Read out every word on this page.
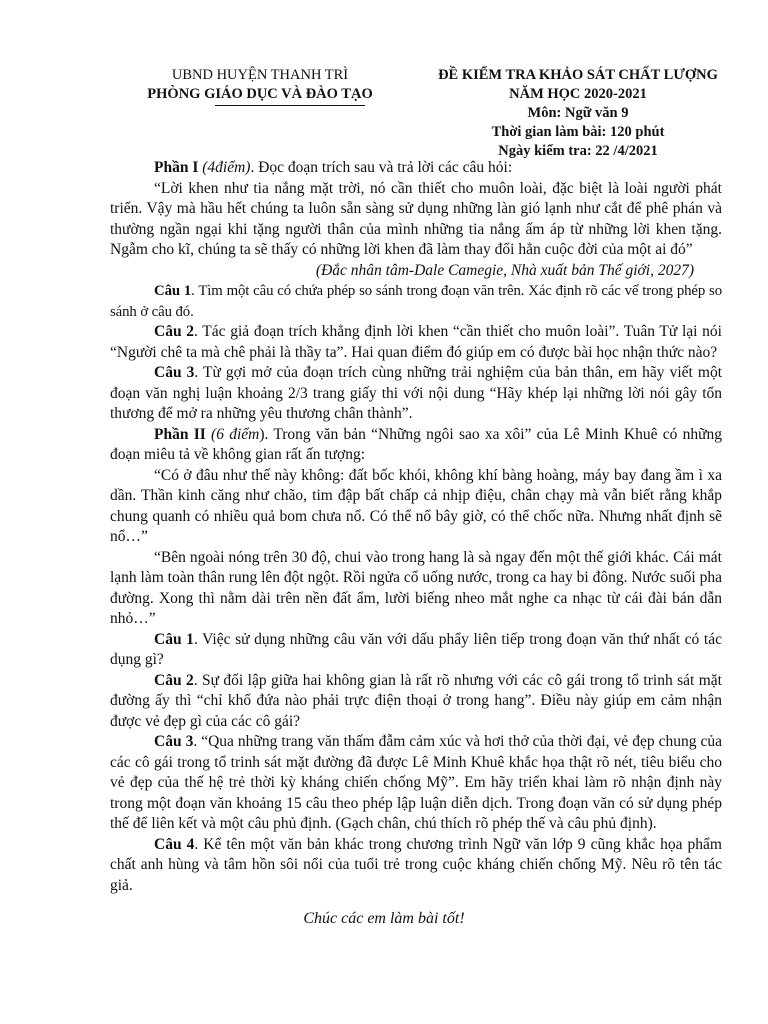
UBND HUYỆN THANH TRÌ
PHÒNG GIÁO DỤC VÀ ĐÀO TẠO
ĐỀ KIỂM TRA KHẢO SÁT CHẤT LƯỢNG
NĂM HỌC 2020-2021
Môn: Ngữ văn 9
Thời gian làm bài: 120 phút
Ngày kiểm tra: 22 /4/2021

Phần I (4điểm). Đọc đoạn trích sau và trả lời các câu hỏi:

“Lời khen như tia nắng mặt trời, nó cần thiết cho muôn loài, đặc biệt là loài người phát triển. Vậy mà hầu hết chúng ta luôn sẵn sàng sử dụng những làn gió lạnh như cắt để phê phán và thường ngần ngại khi tặng người thân của mình những tia nắng ấm áp từ những lời khen tặng. Ngẫm cho kĩ, chúng ta sẽ thấy có những lời khen đã làm thay đổi hẳn cuộc đời của một ai đó”

(Đắc nhân tâm-Dale Camegie, Nhà xuất bản Thế giới, 2027)

Câu 1. Tìm một câu có chứa phép so sánh trong đoạn văn trên. Xác định rõ các vế trong phép so sánh ở câu đó.

Câu 2. Tác giả đoạn trích khẳng định lời khen “cần thiết cho muôn loài”. Tuân Tử lại nói “Người chê ta mà chê phải là thầy ta”. Hai quan điểm đó giúp em có được bài học nhận thức nào?

Câu 3. Từ gợi mở của đoạn trích cùng những trải nghiệm của bản thân, em hãy viết một đoạn văn nghị luận khoảng 2/3 trang giấy thi với nội dung “Hãy khép lại những lời nói gây tổn thương để mở ra những yêu thương chân thành”.

Phần II (6 điểm). Trong văn bản “Những ngôi sao xa xôi” của Lê Minh Khuê có những đoạn miêu tả về không gian rất ấn tượng:

“Có ở đâu như thế này không: đất bốc khói, không khí bàng hoàng, máy bay đang ầm ì xa dần. Thần kinh căng như chão, tim đập bất chấp cả nhịp điệu, chân chạy mà vẫn biết rằng khắp chung quanh có nhiều quả bom chưa nổ. Có thể nổ bây giờ, có thể chốc nữa. Nhưng nhất định sẽ nổ…”

“Bên ngoài nóng trên 30 độ, chui vào trong hang là sà ngay đến một thế giới khác. Cái mát lạnh làm toàn thân rung lên đột ngột. Rồi ngửa cổ uống nước, trong ca hay bi đông. Nước suối pha đường. Xong thì nằm dài trên nền đất ẩm, lười biếng nheo mắt nghe ca nhạc từ cái đài bán dẫn nhỏ…”

Câu 1. Việc sử dụng những câu văn với dấu phẩy liên tiếp trong đoạn văn thứ nhất có tác dụng gì?

Câu 2. Sự đối lập giữa hai không gian là rất rõ nhưng với các cô gái trong tổ trinh sát mặt đường ấy thì “chỉ khổ đứa nào phải trực điện thoại ở trong hang”. Điều này giúp em cảm nhận được vẻ đẹp gì của các cô gái?

Câu 3. “Qua những trang văn thấm đẫm cảm xúc và hơi thở của thời đại, vẻ đẹp chung của các cô gái trong tổ trinh sát mặt đường đã được Lê Minh Khuê khắc họa thật rõ nét, tiêu biểu cho vẻ đẹp của thế hệ trẻ thời kỳ kháng chiến chống Mỹ”. Em hãy triển khai làm rõ nhận định này trong một đoạn văn khoảng 15 câu theo phép lập luận diễn dịch. Trong đoạn văn có sử dụng phép thế để liên kết và một câu phủ định. (Gạch chân, chú thích rõ phép thế và câu phủ định).

Câu 4. Kể tên một văn bản khác trong chương trình Ngữ văn lớp 9 cũng khắc họa phẩm chất anh hùng và tâm hồn sôi nổi của tuổi trẻ trong cuộc kháng chiến chống Mỹ. Nêu rõ tên tác giả.

Chúc các em làm bài tốt!
